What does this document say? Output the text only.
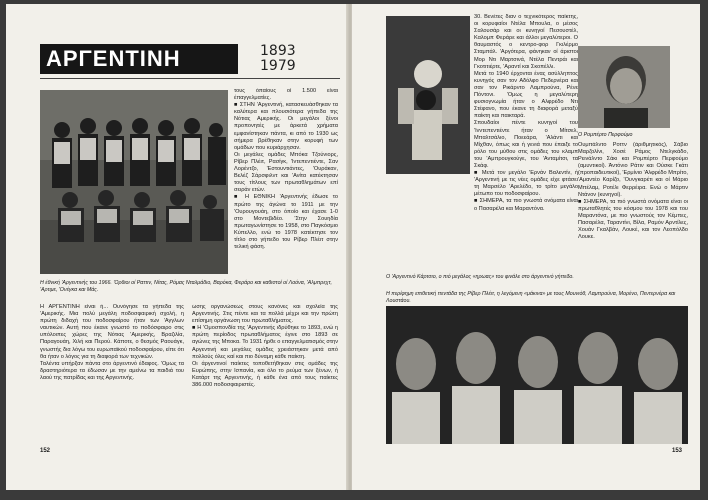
ΑΡΓΕΝΤΙΝΗ	1893
1979
Η έθνική 'Αργεντινής του 1966. 'Ορθιοι οί Ραττιν, Νίτας, Ρόμας Νταλμάδιο, Βαρόκα, Φεράρο και καθιστοί οί Λοόνα, 'Αλμπρεχτ, 'Αρτιμε, 'Ονέγκα και Μάς.
τους όπαίους οί 1.500 είναι έπαγγελματίες.
■ ΣΤΗΝ 'Αργεντινή, κατασκευάσθηκαν τα καλύτερα και πλουσιότερα γήπεδα της Νότιας Αμερικής. Οι μεγάλοι ξένοι προπονητές με άρκετά χρήματα εμφανίστηκαν πάντα, κι από το 1930 ως σήμερα βρέθηκαν στην κορυφή των ομάδων που κυριάρχησαν.
Οι μεγάλες ομάδες Μπόκα Τζούνιορς, Ρίβερ Πλέιτ, Ρασίγκ, 'Ιντεπεντιέντε, Σαν Λορέντζο, 'Εστουντιάντες, 'Ουράκαν, Βελέζ Σάρσφιλντ και 'Ανίτα κατέκτησαν τους τίτλους των πρωταθλημάτων επί σειράν ετών.
■ Η ΕΘΝΙΚΗ 'Αργεντινής έδωσε το πρώτο της άγώνα το 1911 με την 'Ουρουγουάη, στο όποίο και έχασε 1-0 στο Μοντεβιδέο. 'Στην Σουηδία πρωταγωνίστησε το 1958, στο Παγκόσμιο Κύπελλο, ενώ το 1978 κατέκτησε τον τίτλο στο γήπεδο του Ρίβερ Πλέιτ στην τελική φάση.
Η ΑΡΓΕΝΤΙΝΗ είναι ή... Ουνόγησε τα γήπεδα της 'Αμερικής. Μια πολύ μεγάλη ποδοσφαιρική σχολή, η πρώτη διδαχή του ποδοσφαίρου ήταν των 'Αγγλων ναυτικών. Αυτή που έκανε γνωστό το ποδόσφαιρο στις υπόλοιπες χώρες της Νότιας 'Αμερικής, Βραζιλία, Παραγουάη, Χιλή και Περού. Κάποτε, ο θεσμός Ραουάγκ, γνωστής δια λόγω του ευρωπαϊκού ποδοσφαίρου, είπε ότι θα ήταν ο λόγος για τη διαφορά των τεχνικών.
Ταλέντα υπήρξαν πάντα στο άργεντινό έδαφος. 'Ομως τα δραστηριότερα τα έδωσαν με την αμείνω τα παιδιά του λαού της πατρίδας και της Αργεντινής.
ωσης οργανώσεως στους κανόνες και σχολεία της Αργεντινής. Στις πέντε και τα πολλά μέχρι και την πρώτη επίσημη οργάνωση του πρωταθλήματος.
■ Η 'Ομοσπονδία της 'Αργεντινής ιδρύθηκε το 1893, ενώ η πρώτη περίοδος πρωταθλήματος έγινε στο 1893 σε αγώνες της Μποκα. Το 1931 ήρθε ο επαγγελματισμός στην Αργεντινή και μεγάλες ομάδες χρειάστηκαν μετά από πολλούς όλες καί και πιο δύναμη κάθε παίκτη.
Οι άργεντινοί παίκτες τοποθετήθηκαν στις ομάδες της Ευρώπης, στην Ισπανία, και όλο το ρεύμα των ξένων, ή Κατάρτ της Αργεντινής, ή κάθε ένα από τους παίκτες 386.000 ποδοσφαιριστές.
152
30. Βενέτες διαν ο τεχνικότερος παίκτης, οι κορυφαίοι Ντέλα Μπουλα, ο μέσος Σαλουσάρ και οι κυνηγοί Πεσουστέλ, Καλομπ Φεράρε και άλλοι μεγαλύτεροι. Ο θαυμαστός ο κεντρο-φορ Γκιλέρμο Σταμπάλ. 'Αργότερα, φάνηκαν οί άριστοι Μορ Ντι Μαρτσινά, Ντέλα Πεντράι και Γκοτιτιέρτε, 'Αραντί και Σκοπέλλι.
Μετά το 1940 έρχονται ένας ασύλληπτος κυνηγός σαν τον Αδόλφο Πεδερνέρα και σαν τον Ρικάρντο Λαμπρούνα, Ρένε Πόντονι. 'Ομως η μεγαλύτερη φυσιογνωμία ήταν ο Αλφρέδο Ντι Στέφανο, που έκανε τη διαφορά μεταξύ παίκτη και παικταρά.
Σπουδαίοι πέντε κυνηγοί του 'Ινντεπεντιέντε ήταν ο Μίτσελ, Μπαλτσάλιο, Ποεεάρα, 'Αλάντι και Μίχθαν, όπως και ή γενιά που έπαιξε το ρόλο του μύθου στις ομάδες του κλαμπ του 'Αμπρουγκούγε, του 'Ανταμίτσι, τα Σκάφ.
■ Μετά τον μεγάλο 'Ερνάν Βαλεντίν, ή 'Αργεντινή με τις νέες ομάδες είχε φτάσει τη Μαρσέλο 'Αρελέδο, το τρίτο μεγάλο μέτωπο του ποδοσφαίρου.
■ ΣΗΜΕΡΑ, τα πιο γνωστά ονόματα είναι ο Πασαρέλα και Μαραντόνα.
Ο Ρομπέρτο Περφούμο
Ουμπάλντο Ροττν (άριθμητικός), Σάβιο Μαρζολίνι, Χοσέ Ράμος Ντελγκάδο, Ρεινάλντο Σάκι και Ρομπέρτο Περφούμο (αμυντικοί). Άντόνιο Ράτιν και Ούσκε Γκάτι (προπαιδευτικοί), 'Ερμίνιο 'Αλφρέδο Μπρίτο, 'Αμαντέο Καρίζο, 'Ουνγκαρέτι και οί Μάριο Μπέλαμ, Ροτέλι Φερρέιρα. Ενώ ο Μάρτιν Ντάνον (κυνηγοί).
■ ΣΗΜΕΡΑ, τα πιό γνωστά ονόματα είναι οι πρωταθλητές του κόσμου του 1978 και του Μαραντόνα, με πιο γνωστούς τον Κέμπες, Πασαρέλα, Ταραντίνι, Βίλα, Ραμόν Αρντίλες, Χουάν Γκαλβάν, Λουκέ, και τον Λεοπόλδο Λουκε.
Ο 'Αργεντινό Κάρτσιο, ο πιό μεγάλος «ηρωας» του φινάλε στο άργεντινό γήπεδο.
Η περίφημη επιθετική πεντάδα της Ρίβερ Πλέιτ, η λεγόμενη «μάκινα» με τους Μουνιόθ, Λαμπρούνα, Μορένο, Πεντερνέρα και Λουστάου.
153
